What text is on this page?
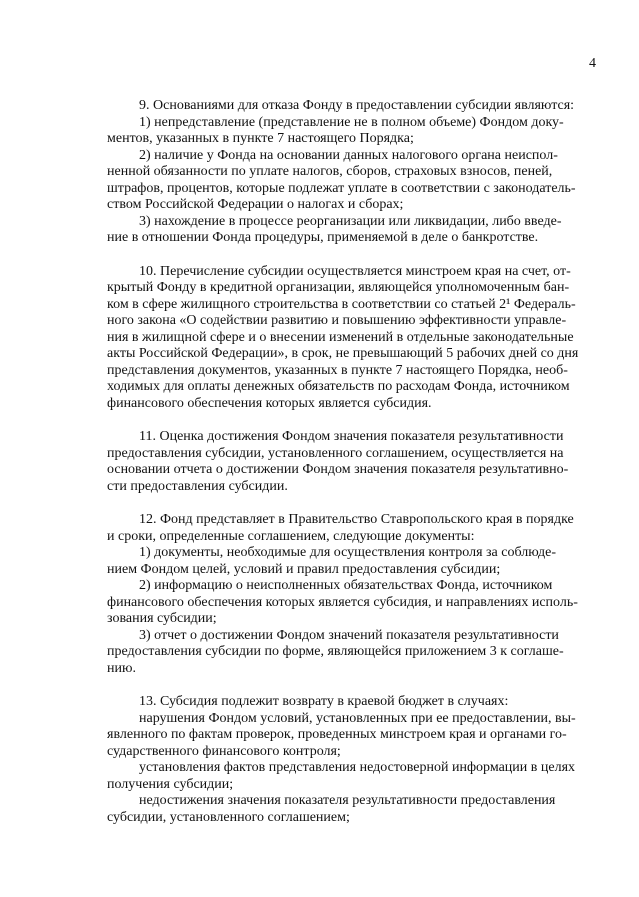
4

9. Основаниями для отказа Фонду в предоставлении субсидии являются:

1) непредставление (представление не в полном объеме) Фондом доку-
ментов, указанных в пункте 7 настоящего Порядка;

2) наличие у Фонда на основании данных налогового органа неиспол-
ненной обязанности по уплате налогов, сборов, страховых взносов, пеней,
штрафов, процентов, которые подлежат уплате в соответствии с законодатель-
ством Российской Федерации о налогах и сборах;

3) нахождение в процессе реорганизации или ликвидации, либо введе-
ние в отношении Фонда процедуры, применяемой в деле о банкротстве.

10. Перечисление субсидии осуществляется минстроем края на счет, от-
крытый Фонду в кредитной организации, являющейся уполномоченным бан-
ком в сфере жилищного строительства в соответствии со статьей 2¹ Федераль-
ного закона «О содействии развитию и повышению эффективности управле-
ния в жилищной сфере и о внесении изменений в отдельные законодательные
акты Российской Федерации», в срок, не превышающий 5 рабочих дней со дня
представления документов, указанных в пункте 7 настоящего Порядка, необ-
ходимых для оплаты денежных обязательств по расходам Фонда, источником
финансового обеспечения которых является субсидия.

11. Оценка достижения Фондом значения показателя результативности
предоставления субсидии, установленного соглашением, осуществляется на
основании отчета о достижении Фондом значения показателя результативно-
сти предоставления субсидии.

12. Фонд представляет в Правительство Ставропольского края в порядке
и сроки, определенные соглашением, следующие документы:

1) документы, необходимые для осуществления контроля за соблюде-
нием Фондом целей, условий и правил предоставления субсидии;

2) информацию о неисполненных обязательствах Фонда, источником
финансового обеспечения которых является субсидия, и направлениях исполь-
зования субсидии;

3) отчет о достижении Фондом значений показателя результативности
предоставления субсидии по форме, являющейся приложением 3 к соглаше-
нию.

13. Субсидия подлежит возврату в краевой бюджет в случаях:

нарушения Фондом условий, установленных при ее предоставлении, вы-
явленного по фактам проверок, проведенных минстроем края и органами го-
сударственного финансового контроля;

установления фактов представления недостоверной информации в целях
получения субсидии;

недостижения значения показателя результативности предоставления
субсидии, установленного соглашением;
